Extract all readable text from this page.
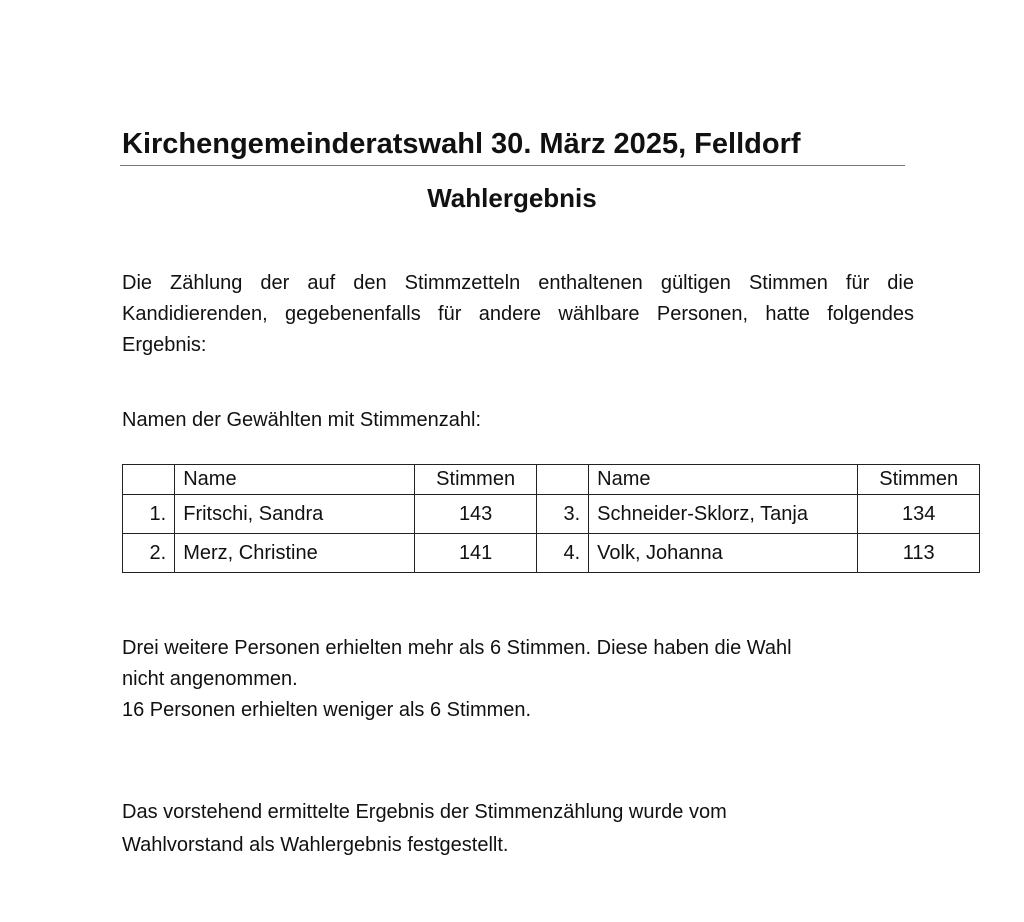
Kirchengemeinderatswahl 30. März 2025, Felldorf
Wahlergebnis
Die Zählung der auf den Stimmzetteln enthaltenen gültigen Stimmen für die
Kandidierenden, gegebenenfalls für andere wählbare Personen, hatte folgendes
Ergebnis:

Namen der Gewählten mit Stimmenzahl:

	Name	Stimmen		Name	Stimmen
1.	Fritschi, Sandra	143	3.	Schneider-Sklorz, Tanja	134
2.	Merz, Christine	141	4.	Volk, Johanna	113
Drei weitere Personen erhielten mehr als 6 Stimmen. Diese haben die Wahl
nicht angenommen.
16 Personen erhielten weniger als 6 Stimmen.
Das vorstehend ermittelte Ergebnis der Stimmenzählung wurde vom
Wahlvorstand als Wahlergebnis festgestellt.
